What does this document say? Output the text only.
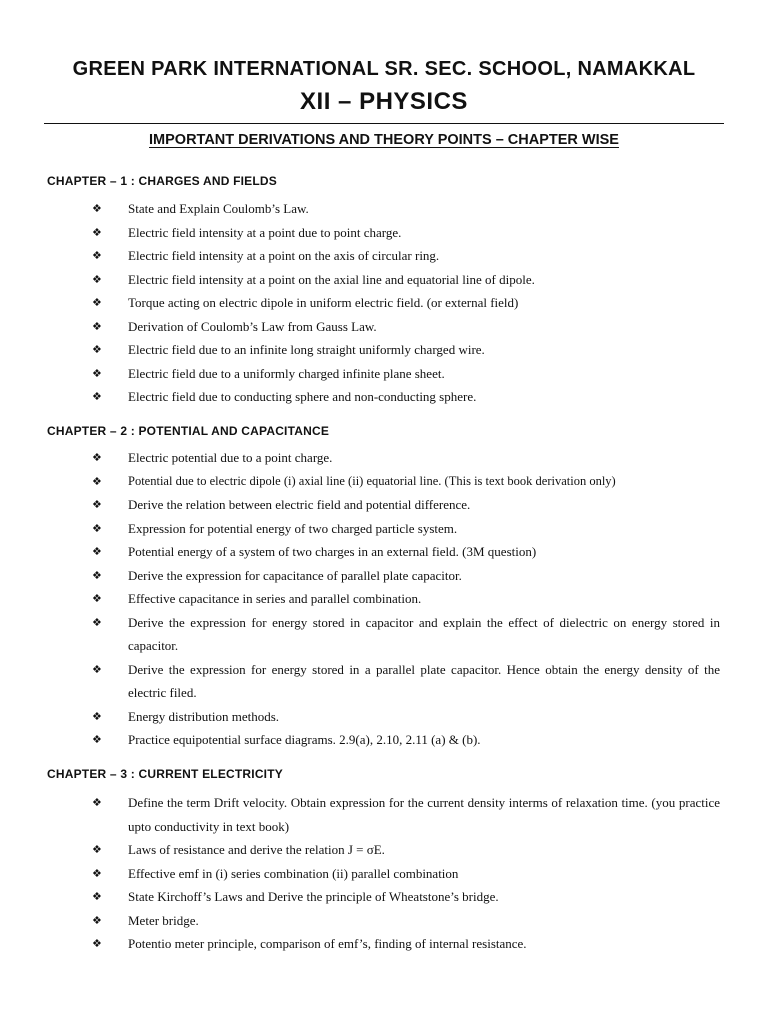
GREEN PARK INTERNATIONAL SR. SEC. SCHOOL, NAMAKKAL
XII – PHYSICS
IMPORTANT DERIVATIONS AND THEORY POINTS – CHAPTER WISE
CHAPTER – 1 : CHARGES AND FIELDS
❖ State and Explain Coulomb’s Law.
❖ Electric field intensity at a point due to point charge.
❖ Electric field intensity at a point on the axis of circular ring.
❖ Electric field intensity at a point on the axial line and equatorial line of dipole.
❖ Torque acting on electric dipole in uniform electric field. (or external field)
❖ Derivation of Coulomb’s Law from Gauss Law.
❖ Electric field due to an infinite long straight uniformly charged wire.
❖ Electric field due to a uniformly charged infinite plane sheet.
❖ Electric field due to conducting sphere and non-conducting sphere.
CHAPTER – 2 : POTENTIAL AND CAPACITANCE
❖ Electric potential due to a point charge.
❖ Potential due to electric dipole (i) axial line (ii) equatorial line. (This is text book derivation only)
❖ Derive the relation between electric field and potential difference.
❖ Expression for potential energy of two charged particle system.
❖ Potential energy of a system of two charges in an external field. (3M question)
❖ Derive the expression for capacitance of parallel plate capacitor.
❖ Effective capacitance in series and parallel combination.
❖ Derive the expression for energy stored in capacitor and explain the effect of dielectric on energy stored in capacitor.
❖ Derive the expression for energy stored in a parallel plate capacitor. Hence obtain the energy density of the electric filed.
❖ Energy distribution methods.
❖ Practice equipotential surface diagrams. 2.9(a), 2.10, 2.11 (a) & (b).
CHAPTER – 3 : CURRENT ELECTRICITY
❖ Define the term Drift velocity. Obtain expression for the current density interms of relaxation time. (you practice upto conductivity in text book)
❖ Laws of resistance and derive the relation J = σE.
❖ Effective emf in (i) series combination (ii) parallel combination
❖ State Kirchoff’s Laws and Derive the principle of Wheatstone’s bridge.
❖ Meter bridge.
❖ Potentio meter principle, comparison of emf’s, finding of internal resistance.
